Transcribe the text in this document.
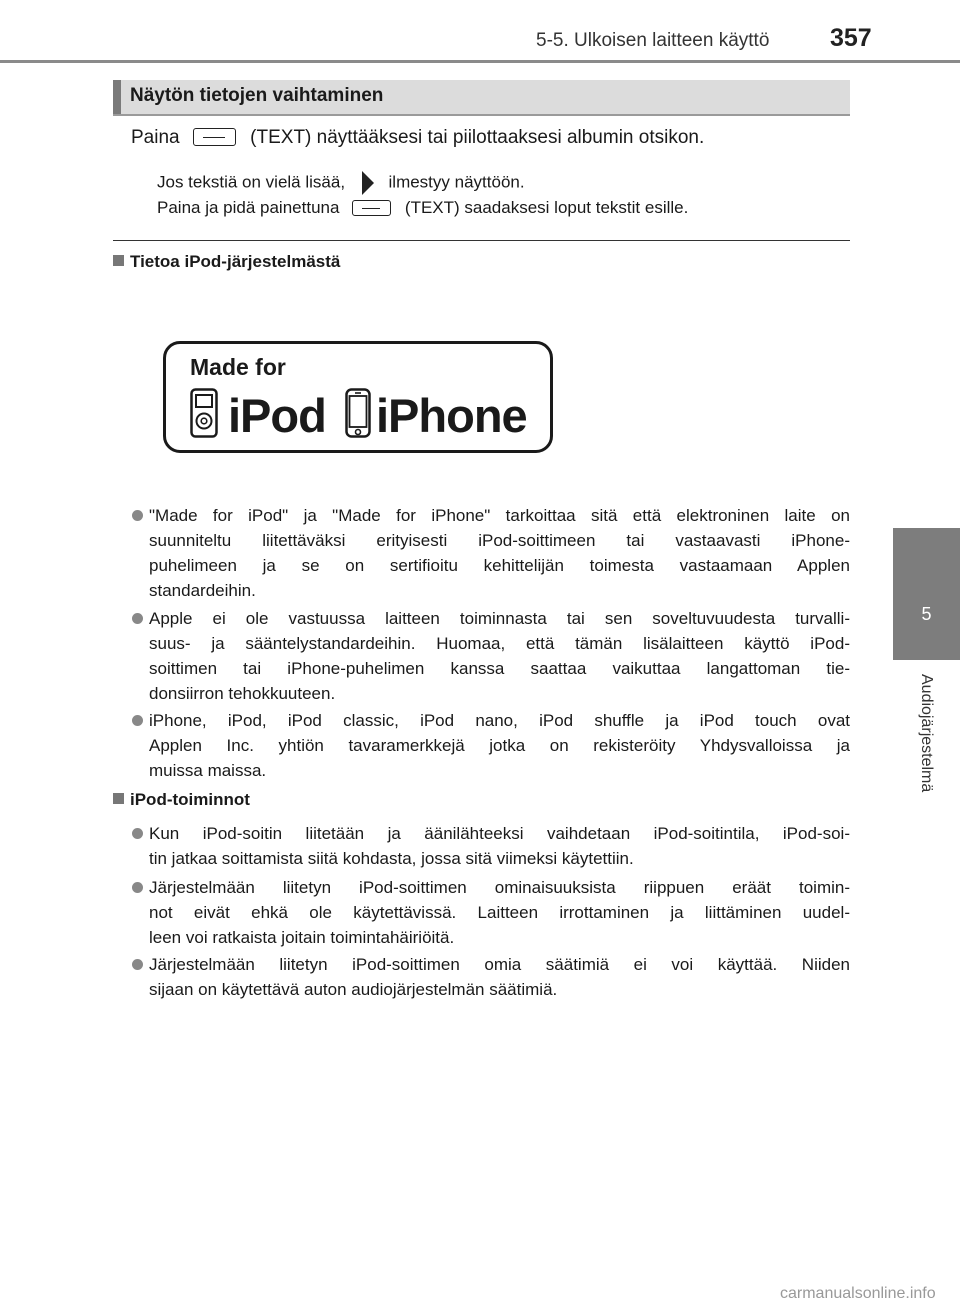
5-5. Ulkoisen laitteen käyttö 357
5
Audiojärjestelmä
Näytön tietojen vaihtaminen
Paina	(TEXT) näyttääksesi tai piilottaaksesi albumin otsikon.
Jos tekstiä on vielä lisää,	ilmestyy näyttöön.
Paina ja pidä painettuna	(TEXT) saadaksesi loput tekstit esille.
Tietoa iPod-järjestelmästä
Made for
iPod iPhone
"Made for iPod" ja "Made for iPhone" tarkoittaa sitä että elektroninen laite on
suunniteltu liitettäväksi erityisesti iPod-soittimeen tai vastaavasti iPhone-
puhelimeen ja se on sertifioitu kehittelijän toimesta vastaamaan Applen
standardeihin.
Apple ei ole vastuussa laitteen toiminnasta tai sen soveltuvuudesta turvalli-
suus- ja sääntelystandardeihin. Huomaa, että tämän lisälaitteen käyttö iPod-
soittimen tai iPhone-puhelimen kanssa saattaa vaikuttaa langattoman tie-
donsiirron tehokkuuteen.
iPhone, iPod, iPod classic, iPod nano, iPod shuffle ja iPod touch ovat
Applen Inc. yhtiön tavaramerkkejä jotka on rekisteröity Yhdysvalloissa ja
muissa maissa.
iPod-toiminnot
Kun iPod-soitin liitetään ja äänilähteeksi vaihdetaan iPod-soitintila, iPod-soi-
tin jatkaa soittamista siitä kohdasta, jossa sitä viimeksi käytettiin.
Järjestelmään liitetyn iPod-soittimen ominaisuuksista riippuen eräät toimin-
not eivät ehkä ole käytettävissä. Laitteen irrottaminen ja liittäminen uudel-
leen voi ratkaista joitain toimintahäiriöitä.
Järjestelmään liitetyn iPod-soittimen omia säätimiä ei voi käyttää. Niiden
sijaan on käytettävä auton audiojärjestelmän säätimiä.
carmanualsonline.info
